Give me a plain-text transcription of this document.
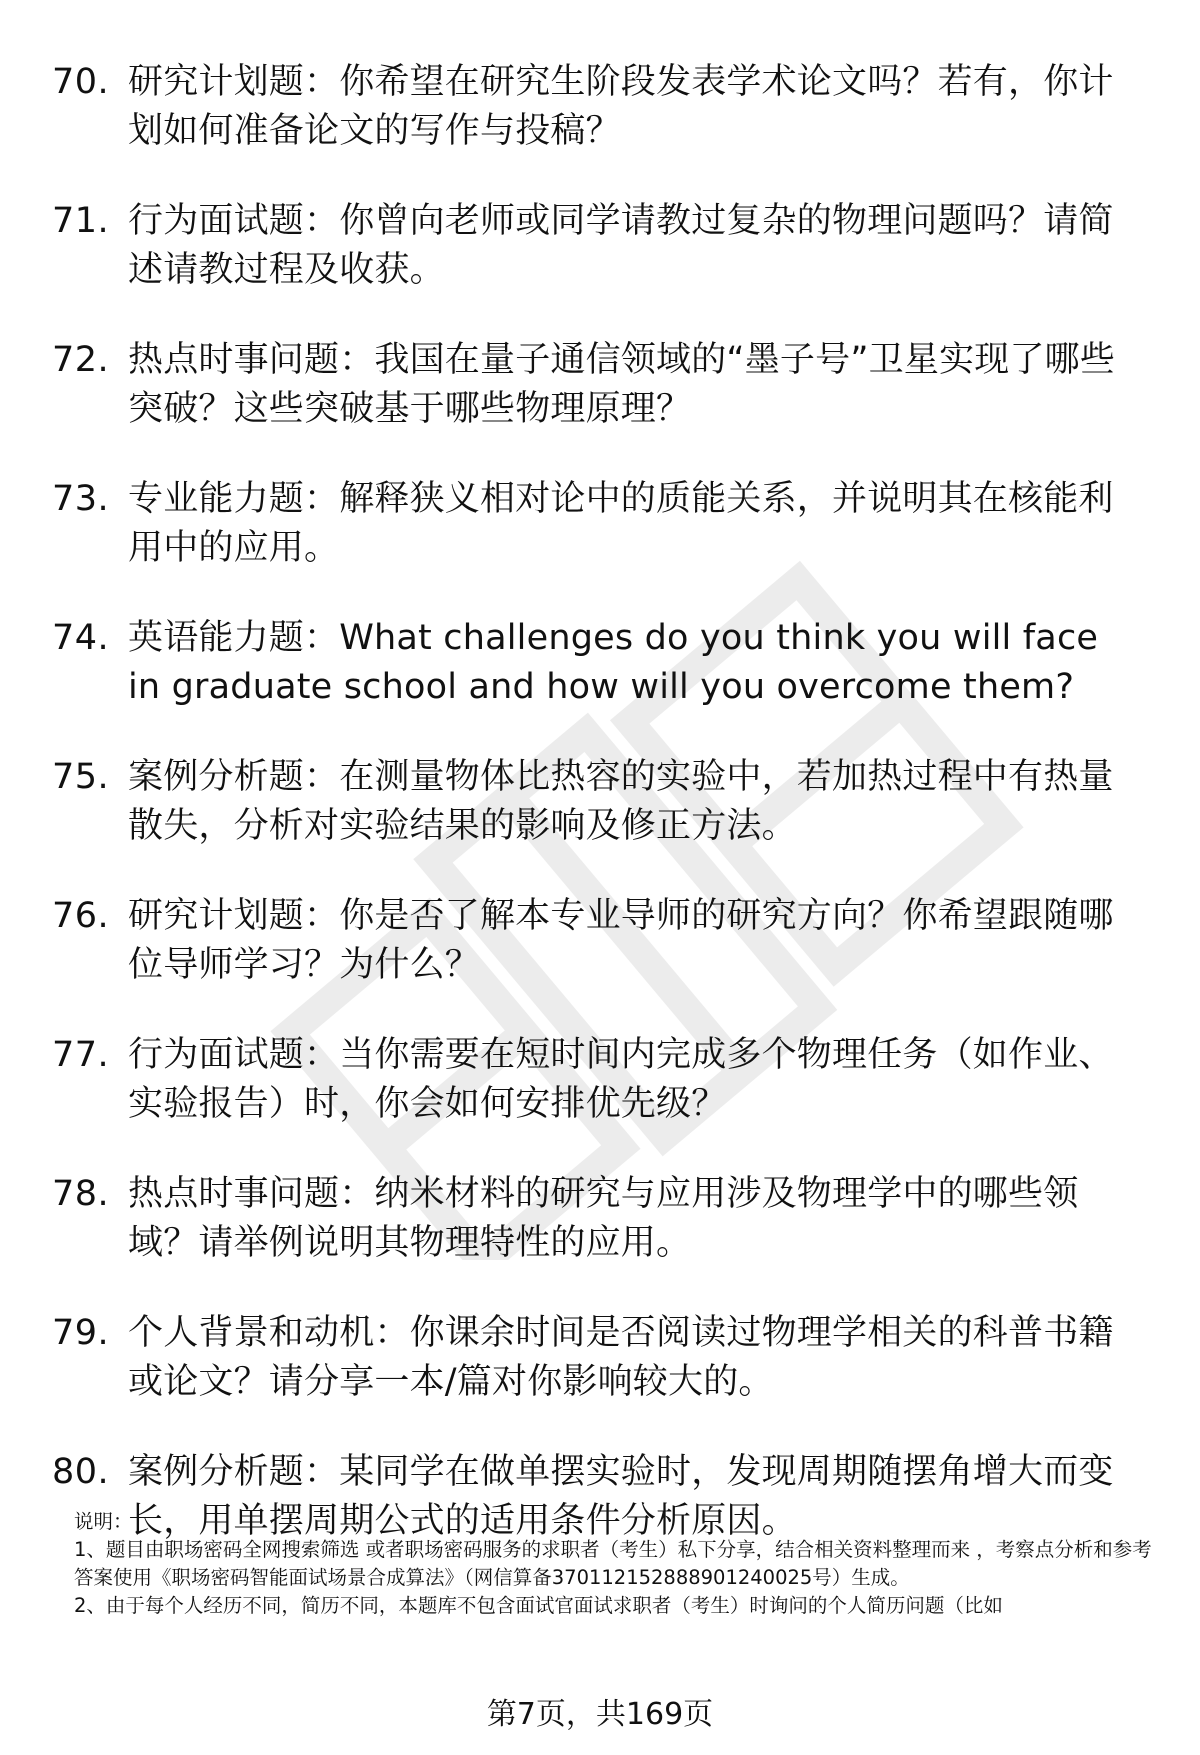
70. 研究计划题：你希望在研究生阶段发表学术论文吗？若有，你计划如何准备论文的写作与投稿？
71. 行为面试题：你曾向老师或同学请教过复杂的物理问题吗？请简述请教过程及收获。
72. 热点时事问题：我国在量子通信领域的“墨子号”卫星实现了哪些突破？这些突破基于哪些物理原理？
73. 专业能力题：解释狭义相对论中的质能关系，并说明其在核能利用中的应用。
74. 英语能力题：What challenges do you think you will face in graduate school and how will you overcome them?
75. 案例分析题：在测量物体比热容的实验中，若加热过程中有热量散失，分析对实验结果的影响及修正方法。
76. 研究计划题：你是否了解本专业导师的研究方向？你希望跟随哪位导师学习？为什么？
77. 行为面试题：当你需要在短时间内完成多个物理任务（如作业、实验报告）时，你会如何安排优先级？
78. 热点时事问题：纳米材料的研究与应用涉及物理学中的哪些领域？请举例说明其物理特性的应用。
79. 个人背景和动机：你课余时间是否阅读过物理学相关的科普书籍或论文？请分享一本/篇对你影响较大的。
80. 案例分析题：某同学在做单摆实验时，发现周期随摆角增大而变长，用单摆周期公式的适用条件分析原因。

说明：

1、题目由职场密码全网搜索筛选 或者职场密码服务的求职者（考生）私下分享，结合相关资料整理而来 ，考察点分析和参考答案使用《职场密码智能面试场景合成算法》（网信算备370112152888901240025号）生成。

2、由于每个人经历不同，简历不同，本题库不包含面试官面试求职者（考生）时询问的个人简历问题（比如

第7页，共169页
